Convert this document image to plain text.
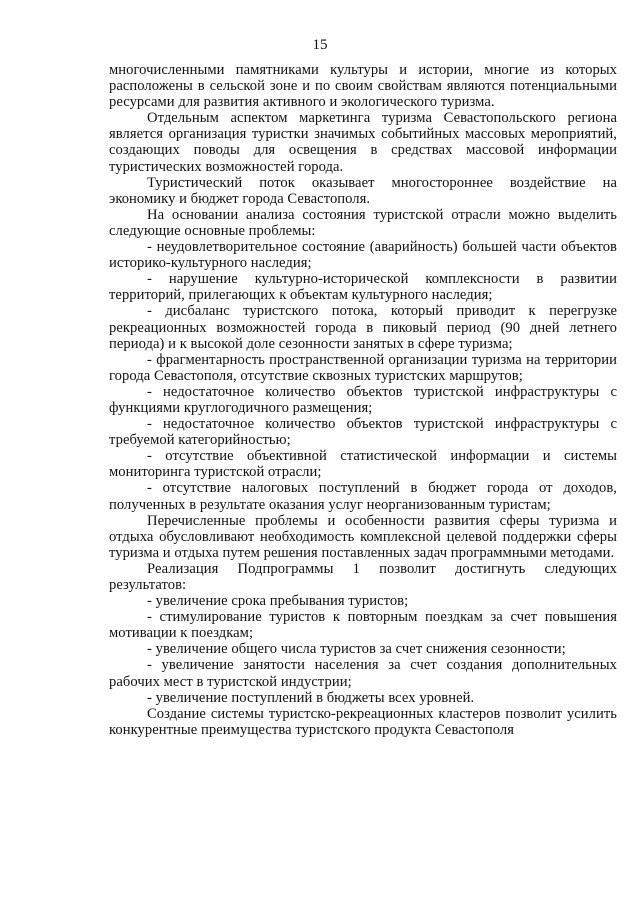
15

многочисленными памятниками культуры и истории, многие из которых расположены в сельской зоне и по своим свойствам являются потенциальными ресурсами для развития активного и экологического туризма.

Отдельным аспектом маркетинга туризма Севастопольского региона является организация туристки значимых событийных массовых мероприятий, создающих поводы для освещения в средствах массовой информации туристических возможностей города.

Туристический поток оказывает многостороннее воздействие на экономику и бюджет города Севастополя.

На основании анализа состояния туристской отрасли можно выделить следующие основные проблемы:

- неудовлетворительное состояние (аварийность) большей части объектов историко-культурного наследия;

- нарушение культурно-исторической комплексности в развитии территорий, прилегающих к объектам культурного наследия;

- дисбаланс туристского потока, который приводит к перегрузке рекреационных возможностей города в пиковый период (90 дней летнего периода) и к высокой доле сезонности занятых в сфере туризма;

- фрагментарность пространственной организации туризма на территории города Севастополя, отсутствие сквозных туристских маршрутов;

- недостаточное количество объектов туристской инфраструктуры с функциями круглогодичного размещения;

- недостаточное количество объектов туристской инфраструктуры с требуемой категорийностью;

- отсутствие объективной статистической информации и системы мониторинга туристской отрасли;

- отсутствие налоговых поступлений в бюджет города от доходов, полученных в результате оказания услуг неорганизованным туристам;

Перечисленные проблемы и особенности развития сферы туризма и отдыха обусловливают необходимость комплексной целевой поддержки сферы туризма и отдыха путем решения поставленных задач программными методами.

Реализация Подпрограммы 1 позволит достигнуть следующих результатов:

- увеличение срока пребывания туристов;

- стимулирование туристов к повторным поездкам за счет повышения мотивации к поездкам;

- увеличение общего числа туристов за счет снижения сезонности;

- увеличение занятости населения за счет создания дополнительных рабочих мест в туристской индустрии;

- увеличение поступлений в бюджеты всех уровней.

Создание системы туристско-рекреационных кластеров позволит усилить конкурентные преимущества туристского продукта Севастополя
